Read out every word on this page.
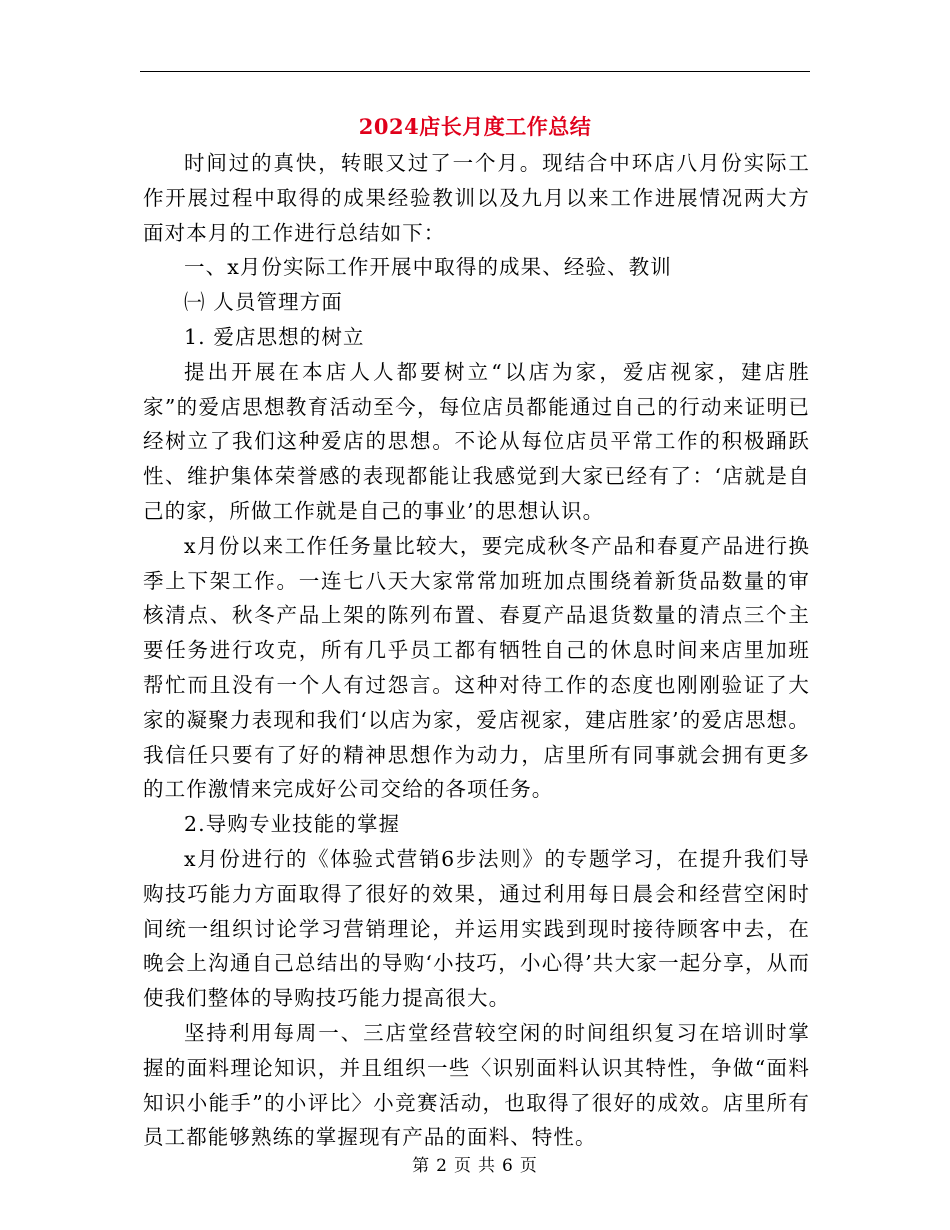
2024店长月度工作总结

时间过的真快，转眼又过了一个月。现结合中环店八月份实际工作开展过程中取得的成果经验教训以及九月以来工作进展情况两大方面对本月的工作进行总结如下：

一、x月份实际工作开展中取得的成果、经验、教训

㈠ 人员管理方面

1. 爱店思想的树立

提出开展在本店人人都要树立“以店为家，爱店视家，建店胜家”的爱店思想教育活动至今，每位店员都能通过自己的行动来证明已经树立了我们这种爱店的思想。不论从每位店员平常工作的积极踊跃性、维护集体荣誉感的表现都能让我感觉到大家已经有了：‘店就是自己的家，所做工作就是自己的事业’的思想认识。

x月份以来工作任务量比较大，要完成秋冬产品和春夏产品进行换季上下架工作。一连七八天大家常常加班加点围绕着新货品数量的审核清点、秋冬产品上架的陈列布置、春夏产品退货数量的清点三个主要任务进行攻克，所有几乎员工都有牺牲自己的休息时间来店里加班帮忙而且没有一个人有过怨言。这种对待工作的态度也刚刚验证了大家的凝聚力表现和我们‘以店为家，爱店视家，建店胜家’的爱店思想。我信任只要有了好的精神思想作为动力，店里所有同事就会拥有更多的工作激情来完成好公司交给的各项任务。

2.导购专业技能的掌握

x月份进行的《体验式营销6步法则》的专题学习，在提升我们导购技巧能力方面取得了很好的效果，通过利用每日晨会和经营空闲时间统一组织讨论学习营销理论，并运用实践到现时接待顾客中去，在晚会上沟通自己总结出的导购‘小技巧，小心得’共大家一起分享，从而使我们整体的导购技巧能力提高很大。

坚持利用每周一、三店堂经营较空闲的时间组织复习在培训时掌握的面料理论知识，并且组织一些〈识别面料认识其特性，争做“面料知识小能手”的小评比〉小竞赛活动，也取得了很好的成效。店里所有员工都能够熟练的掌握现有产品的面料、特性。

第 2 页 共 6 页
